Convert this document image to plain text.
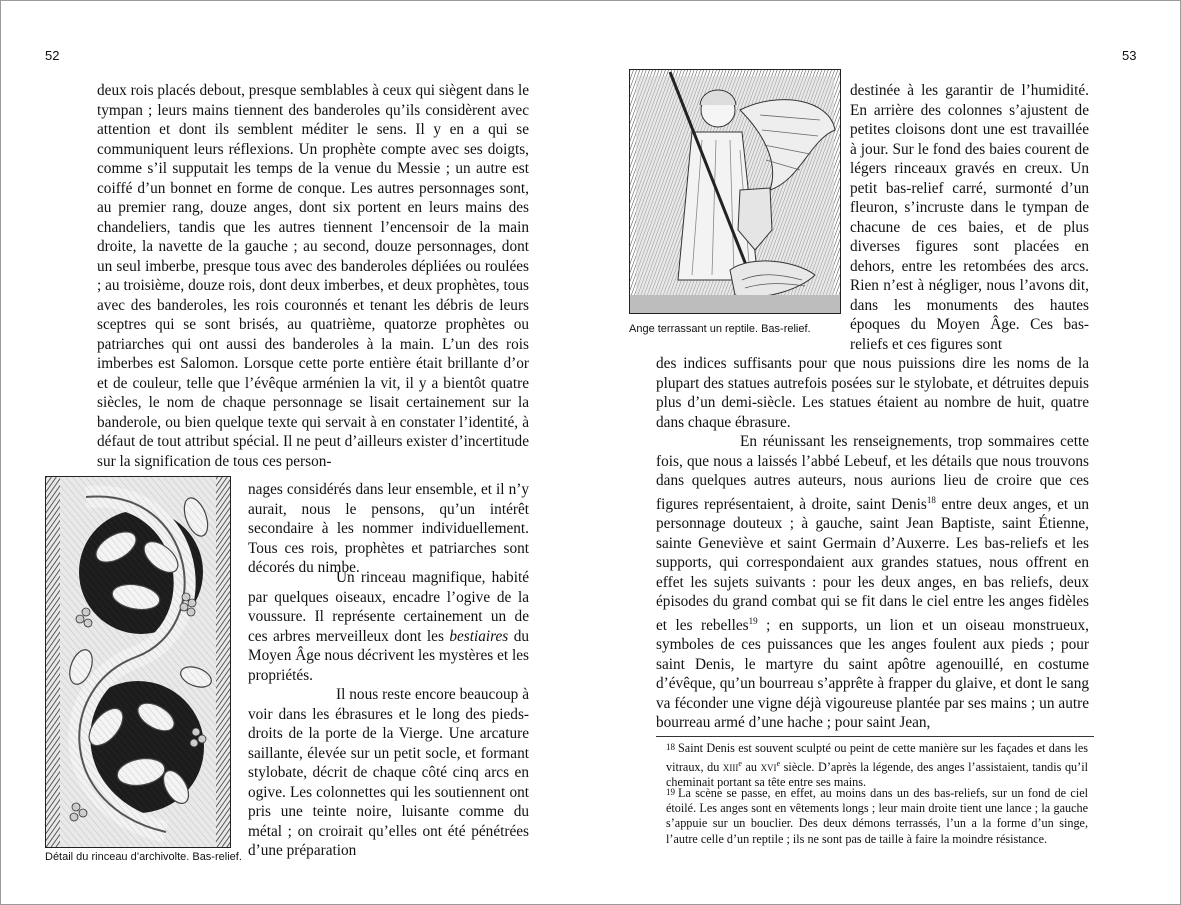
52

deux rois placés debout, presque semblables à ceux qui siègent dans le tympan ; leurs mains tiennent des banderoles qu’ils considèrent avec attention et dont ils semblent méditer le sens. Il y en a qui se communiquent leurs réflexions. Un prophète compte avec ses doigts, comme s’il supputait les temps de la venue du Messie ; un autre est coiffé d’un bonnet en forme de conque. Les autres personnages sont, au premier rang, douze anges, dont six portent en leurs mains des chandeliers, tandis que les autres tiennent l’encensoir de la main droite, la navette de la gauche ; au second, douze personnages, dont un seul imberbe, presque tous avec des banderoles dépliées ou roulées ; au troisième, douze rois, dont deux imberbes, et deux prophètes, tous avec des banderoles, les rois couronnés et tenant les débris de leurs sceptres qui se sont brisés, au quatrième, quatorze prophètes ou patriarches qui ont aussi des banderoles à la main. L’un des rois imberbes est Salomon. Lorsque cette porte entière était brillante d’or et de couleur, telle que l’évêque arménien la vit, il y a bientôt quatre siècles, le nom de chaque personnage se lisait certainement sur la banderole, ou bien quelque texte qui servait à en constater l’identité, à défaut de tout attribut spécial. Il ne peut d’ailleurs exister d’incertitude sur la signification de tous ces person-

Détail du rinceau d’archivolte. Bas-relief.

nages considérés dans leur ensemble, et il n’y aurait, nous le pensons, qu’un intérêt secondaire à les nommer individuellement. Tous ces rois, prophètes et patriarches sont décorés du nimbe.

Un rinceau magnifique, habité par quelques oiseaux, encadre l’ogive de la voussure. Il représente certainement un de ces arbres merveilleux dont les bestiaires du Moyen Âge nous décrivent les mystères et les propriétés.

Il nous reste encore beaucoup à voir dans les ébrasures et le long des pieds-droits de la porte de la Vierge. Une arcature saillante, élevée sur un petit socle, et formant stylobate, décrit de chaque côté cinq arcs en ogive. Les colonnettes qui les soutiennent ont pris une teinte noire, luisante comme du métal ; on croirait qu’elles ont été pénétrées d’une préparation

53
Ange terrassant un reptile. Bas-relief.

destinée à les garantir de l’humidité. En arrière des colonnes s’ajustent de petites cloisons dont une est travaillée à jour. Sur le fond des baies courent de légers rinceaux gravés en creux. Un petit bas-relief carré, surmonté d’un fleuron, s’incruste dans le tympan de chacune de ces baies, et de plus diverses figures sont placées en dehors, entre les retombées des arcs. Rien n’est à négliger, nous l’avons dit, dans les monuments des hautes époques du Moyen Âge. Ces bas-reliefs et ces figures sont

des indices suffisants pour que nous puissions dire les noms de la plupart des statues autrefois posées sur le stylobate, et détruites depuis plus d’un demi-siècle. Les statues étaient au nombre de huit, quatre dans chaque ébrasure.

En réunissant les renseignements, trop sommaires cette fois, que nous a laissés l’abbé Lebeuf, et les détails que nous trouvons dans quelques autres auteurs, nous aurions lieu de croire que ces figures représentaient, à droite, saint Denis$^{18}$ entre deux anges, et un personnage douteux ; à gauche, saint Jean Baptiste, saint Étienne, sainte Geneviève et saint Germain d’Auxerre. Les bas-reliefs et les supports, qui correspondaient aux grandes statues, nous offrent en effet les sujets suivants : pour les deux anges, en bas reliefs, deux épisodes du grand combat qui se fit dans le ciel entre les anges fidèles et les rebelles$^{19}$ ; en supports, un lion et un oiseau monstrueux, symboles de ces puissances que les anges foulent aux pieds ; pour saint Denis, le martyre du saint apôtre agenouillé, en costume d’évêque, qu’un bourreau s’apprête à frapper du glaive, et dont le sang va féconder une vigne déjà vigoureuse plantée par ses mains ; un autre bourreau armé d’une hache ; pour saint Jean,

18 Saint Denis est souvent sculpté ou peint de cette manière sur les façades et dans les vitraux, du xiii$^e$ au xvi$^e$ siècle. D’après la légende, des anges l’assistaient, tandis qu’il cheminait portant sa tête entre ses mains.

19 La scène se passe, en effet, au moins dans un des bas-reliefs, sur un fond de ciel étoilé. Les anges sont en vêtements longs ; leur main droite tient une lance ; la gauche s’appuie sur un bouclier. Des deux démons terrassés, l’un a la forme d’un singe, l’autre celle d’un reptile ; ils ne sont pas de taille à faire la moindre résistance.
